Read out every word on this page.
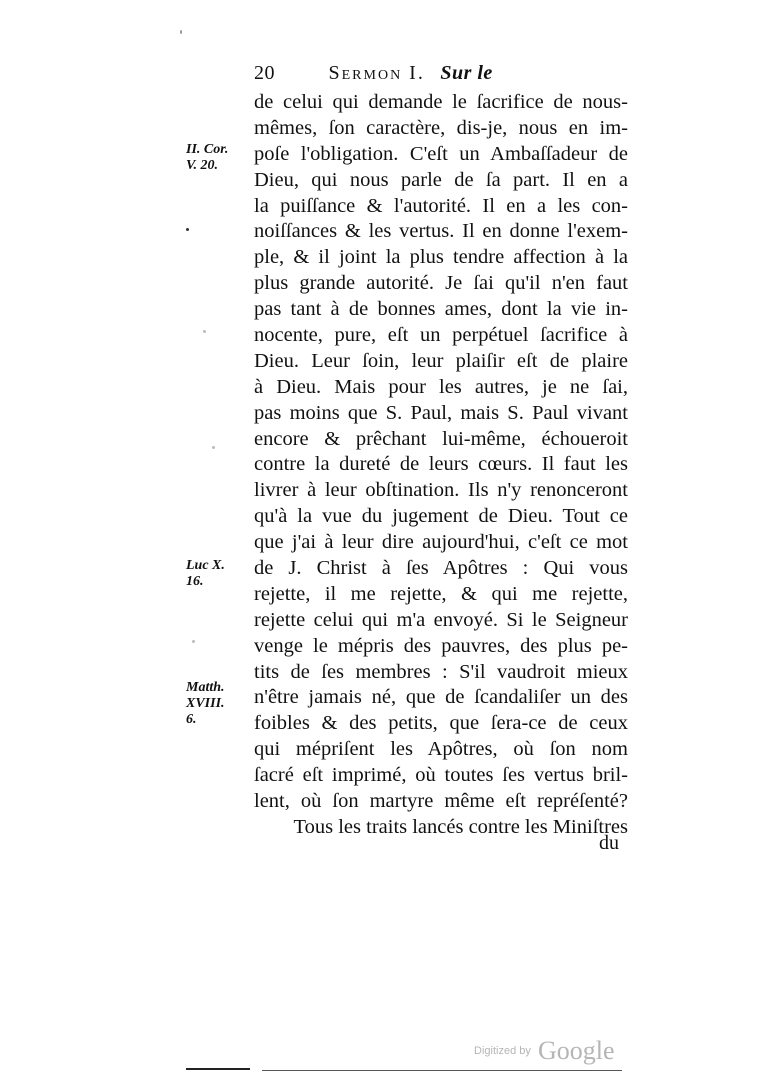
20	Sermon I. Sur le
de celui qui demande le ſacrifice de nous-
mêmes, ſon caractère, dis-je, nous en im-
poſe l'obligation. C'eſt un Ambaſſadeur de
Dieu, qui nous parle de ſa part. Il en a
la puiſſance & l'autorité. Il en a les con-
noiſſances & les vertus. Il en donne l'exem-
ple, & il joint la plus tendre affection à la
plus grande autorité. Je ſai qu'il n'en faut
pas tant à de bonnes ames, dont la vie in-
nocente, pure, eſt un perpétuel ſacrifice à
Dieu. Leur ſoin, leur plaiſir eſt de plaire
à Dieu. Mais pour les autres, je ne ſai,
pas moins que S. Paul, mais S. Paul vivant
encore & prêchant lui-même, échoueroit
contre la dureté de leurs cœurs. Il faut les
livrer à leur obſtination. Ils n'y renonceront
qu'à la vue du jugement de Dieu. Tout ce
que j'ai à leur dire aujourd'hui, c'eſt ce mot
de J. Christ à ſes Apôtres : Qui vous
rejette, il me rejette, & qui me rejette,
rejette celui qui m'a envoyé. Si le Seigneur
venge le mépris des pauvres, des plus pe-
tits de ſes membres : S'il vaudroit mieux
n'être jamais né, que de ſcandaliſer un des
foibles & des petits, que ſera-ce de ceux
qui mépriſent les Apôtres, où ſon nom
ſacré eſt imprimé, où toutes ſes vertus bril-
lent, où ſon martyre même eſt repréſenté?
Tous les traits lancés contre les Miniſtres
du
II. Cor.
V. 20.
Luc X.
16.
Matth.
XVIII.
6.
Digitized by Google
